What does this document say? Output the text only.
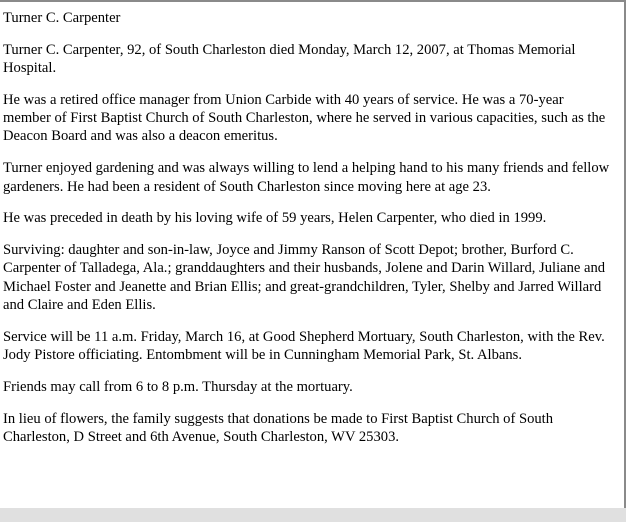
Turner C. Carpenter

Turner C. Carpenter, 92, of South Charleston died Monday, March 12, 2007, at Thomas Memorial Hospital.

He was a retired office manager from Union Carbide with 40 years of service. He was a 70-year member of First Baptist Church of South Charleston, where he served in various capacities, such as the Deacon Board and was also a deacon emeritus.

Turner enjoyed gardening and was always willing to lend a helping hand to his many friends and fellow gardeners. He had been a resident of South Charleston since moving here at age 23.

He was preceded in death by his loving wife of 59 years, Helen Carpenter, who died in 1999.

Surviving: daughter and son-in-law, Joyce and Jimmy Ranson of Scott Depot; brother, Burford C. Carpenter of Talladega, Ala.; granddaughters and their husbands, Jolene and Darin Willard, Juliane and Michael Foster and Jeanette and Brian Ellis; and great-grandchildren, Tyler, Shelby and Jarred Willard and Claire and Eden Ellis.

Service will be 11 a.m. Friday, March 16, at Good Shepherd Mortuary, South Charleston, with the Rev. Jody Pistore officiating. Entombment will be in Cunningham Memorial Park, St. Albans.

Friends may call from 6 to 8 p.m. Thursday at the mortuary.

In lieu of flowers, the family suggests that donations be made to First Baptist Church of South Charleston, D Street and 6th Avenue, South Charleston, WV 25303.
